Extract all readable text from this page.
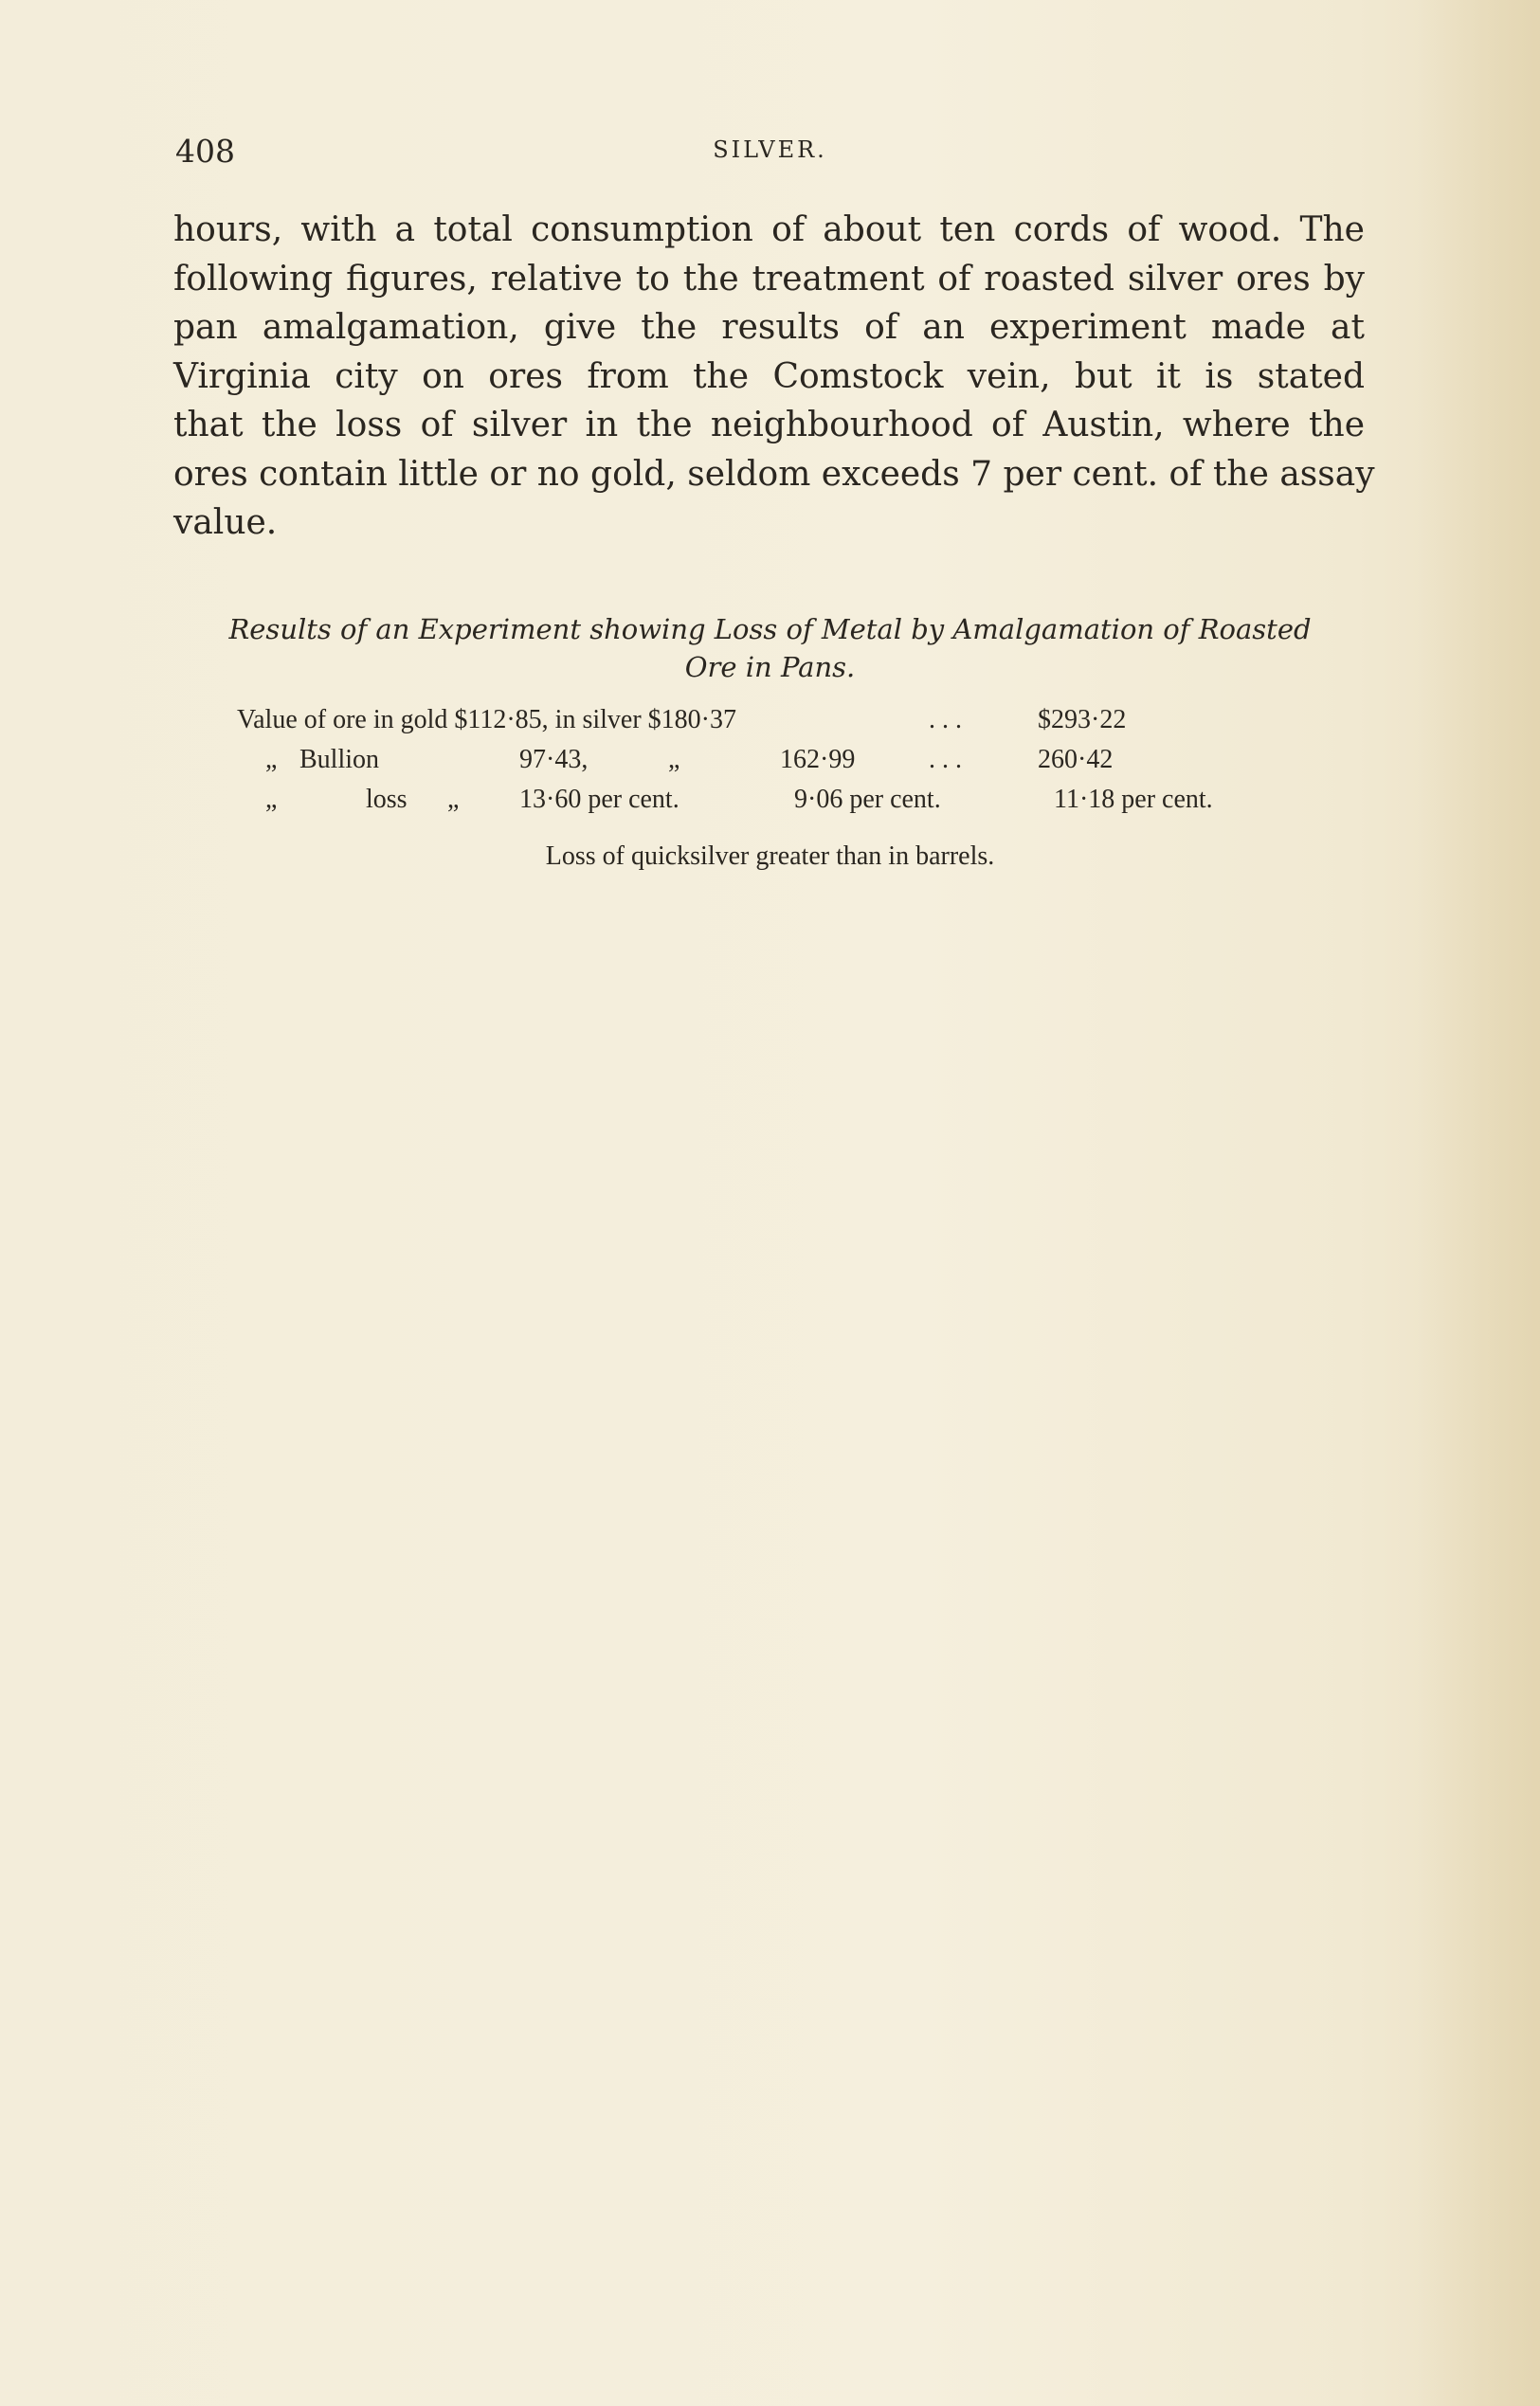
408	SILVER.
hours, with a total consumption of about ten cords of wood. The
following figures, relative to the treatment of roasted silver ores by
pan amalgamation, give the results of an experiment made at
Virginia city on ores from the Comstock vein, but it is stated
that the loss of silver in the neighbourhood of Austin, where the
ores contain little or no gold, seldom exceeds 7 per cent. of the assay
value.
Results of an Experiment showing Loss of Metal by Amalgamation of Roasted
Ore in Pans.
Value of ore in gold $112·85, in silver $180·37	. . .	$293·22
„ Bullion	97·43,	„	162·99	. . .	260·42
„	loss „ 13·60 per cent.	9·06 per cent.	11·18 per cent.
Loss of quicksilver greater than in barrels.
